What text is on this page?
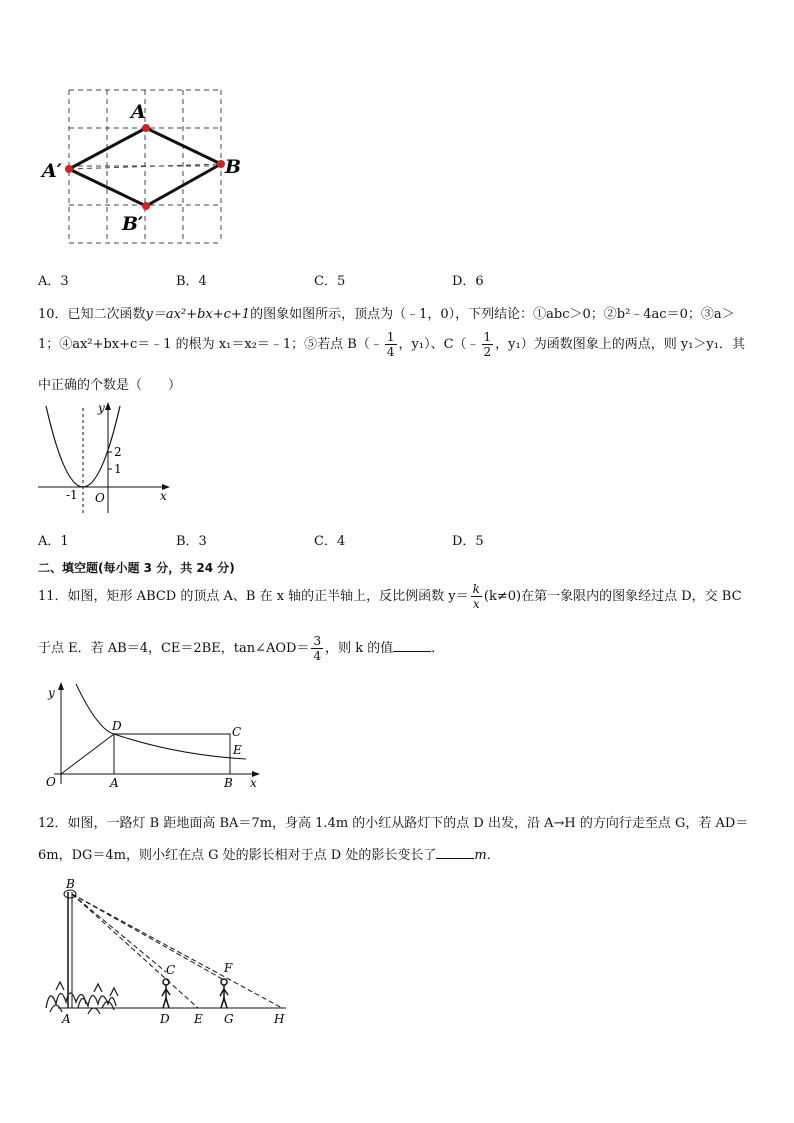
A
B
A′
B′
A．3	B．4	C．5	D．6
10．已知二次函数y＝ax²+bx+c+1的图象如图所示，顶点为（﹣1，0），下列结论：①abc＞0；②b²﹣4ac＝0；③a＞
1；④ax²+bx+c＝﹣1 的根为 x₁＝x₂＝﹣1；⑤若点 B（﹣ $\frac{1}{4}$ ，y₁）、C（﹣ $\frac{1}{2}$ ，y₁）为函数图象上的两点，则 y₁＞y₁．其
中正确的个数是（　　）
y
x
2
1
-1 O
A．1	B．3	C．4	D．5
二、填空题(每小题 3 分，共 24 分)
11．如图，矩形 ABCD 的顶点 A、B 在 x 轴的正半轴上，反比例函数 $y= \frac{k}{x} (k\ne 0)$在第一象限内的图象经过点 D，交 BC
于点 E．若 AB＝4，CE＝2BE，tan∠AOD＝ $\frac{3}{4}$ ，则 k 的值	．
y
D	C
E
O	A	B x
12．如图，一路灯 B 距地面高 BA＝7m，身高 1.4m 的小红从路灯下的点 D 出发，沿 A→H 的方向行走至点 G，若 AD＝
6m，DG＝4m，则小红在点 G 处的影长相对于点 D 处的影长变长了	m．
B
C	F
A	D E G	H
